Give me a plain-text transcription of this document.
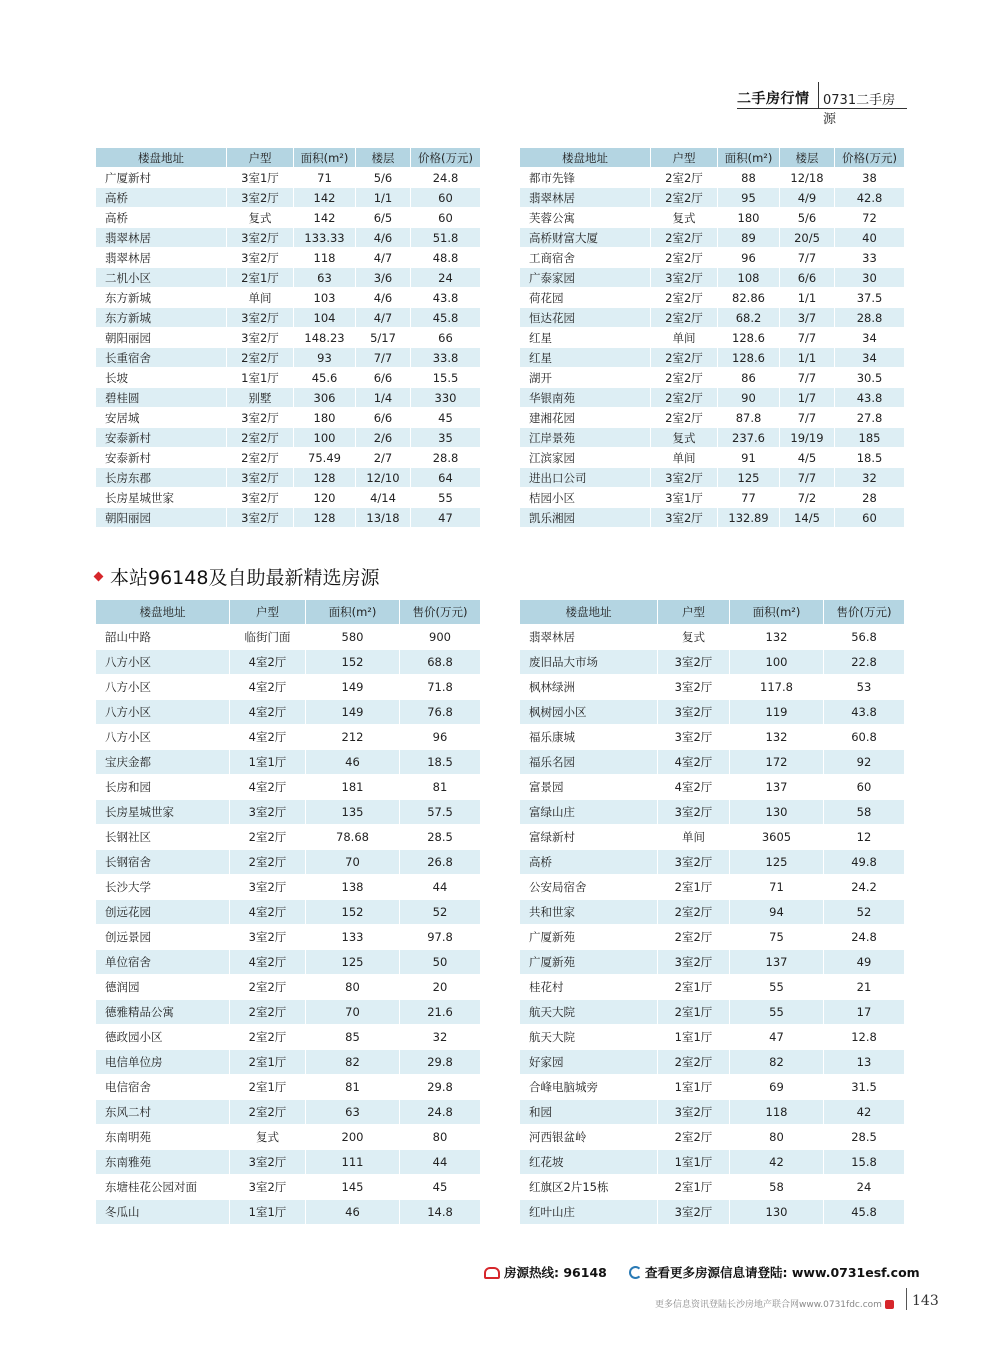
二手房行情 0731二手房源
楼盘地址	户型	面积(m²)	楼层	价格(万元)
广厦新村	3室1厅	71	5/6	24.8
高桥	3室2厅	142	1/1	60
高桥	复式	142	6/5	60
翡翠林居	3室2厅	133.33	4/6	51.8
翡翠林居	3室2厅	118	4/7	48.8
二机小区	2室1厅	63	3/6	24
东方新城	单间	103	4/6	43.8
东方新城	3室2厅	104	4/7	45.8
朝阳丽园	3室2厅	148.23	5/17	66
长重宿舍	2室2厅	93	7/7	33.8
长坡	1室1厅	45.6	6/6	15.5
碧桂圆	别墅	306	1/4	330
安居城	3室2厅	180	6/6	45
安泰新村	2室2厅	100	2/6	35
安泰新村	2室2厅	75.49	2/7	28.8
长房东郡	3室2厅	128	12/10	64
长房星城世家	3室2厅	120	4/14	55
朝阳丽园	3室2厅	128	13/18	47
楼盘地址	户型	面积(m²)	楼层	价格(万元)
都市先锋	2室2厅	88	12/18	38
翡翠林居	2室2厅	95	4/9	42.8
芙蓉公寓	复式	180	5/6	72
高桥财富大厦	2室2厅	89	20/5	40
工商宿舍	2室2厅	96	7/7	33
广泰家园	3室2厅	108	6/6	30
荷花园	2室2厅	82.86	1/1	37.5
恒达花园	2室2厅	68.2	3/7	28.8
红星	单间	128.6	7/7	34
红星	2室2厅	128.6	1/1	34
湖开	2室2厅	86	7/7	30.5
华银南苑	2室2厅	90	1/7	43.8
建湘花园	2室2厅	87.8	7/7	27.8
江岸景苑	复式	237.6	19/19	185
江滨家园	单间	91	4/5	18.5
进出口公司	3室2厅	125	7/7	32
桔园小区	3室1厅	77	7/2	28
凯乐湘园	3室2厅	132.89	14/5	60
本站96148及自助最新精选房源
楼盘地址	户型	面积(m²)	售价(万元)
韶山中路	临街门面	580	900
八方小区	4室2厅	152	68.8
八方小区	4室2厅	149	71.8
八方小区	4室2厅	149	76.8
八方小区	4室2厅	212	96
宝庆金都	1室1厅	46	18.5
长房和园	4室2厅	181	81
长房星城世家	3室2厅	135	57.5
长钢社区	2室2厅	78.68	28.5
长钢宿舍	2室2厅	70	26.8
长沙大学	3室2厅	138	44
创远花园	4室2厅	152	52
创远景园	3室2厅	133	97.8
单位宿舍	4室2厅	125	50
德润园	2室2厅	80	20
德雅精品公寓	2室2厅	70	21.6
德政园小区	2室2厅	85	32
电信单位房	2室1厅	82	29.8
电信宿舍	2室1厅	81	29.8
东风二村	2室2厅	63	24.8
东南明苑	复式	200	80
东南雅苑	3室2厅	111	44
东塘桂花公园对面	3室2厅	145	45
冬瓜山	1室1厅	46	14.8
楼盘地址	户型	面积(m²)	售价(万元)
翡翠林居	复式	132	56.8
废旧品大市场	3室2厅	100	22.8
枫林绿洲	3室2厅	117.8	53
枫树园小区	3室2厅	119	43.8
福乐康城	3室2厅	132	60.8
福乐名园	4室2厅	172	92
富景园	4室2厅	137	60
富绿山庄	3室2厅	130	58
富绿新村	单间	3605	12
高桥	3室2厅	125	49.8
公安局宿舍	2室1厅	71	24.2
共和世家	2室2厅	94	52
广厦新苑	2室2厅	75	24.8
广厦新苑	3室2厅	137	49
桂花村	2室1厅	55	21
航天大院	2室1厅	55	17
航天大院	1室1厅	47	12.8
好家园	2室2厅	82	13
合峰电脑城旁	1室1厅	69	31.5
和园	3室2厅	118	42
河西银盆岭	2室2厅	80	28.5
红花坡	1室1厅	42	15.8
红旗区2片15栋	2室1厅	58	24
红叶山庄	3室2厅	130	45.8
房源热线: 96148	查看更多房源信息请登陆: www.0731esf.com
更多信息资讯登陆长沙房地产联合网www.0731fdc.com	143
